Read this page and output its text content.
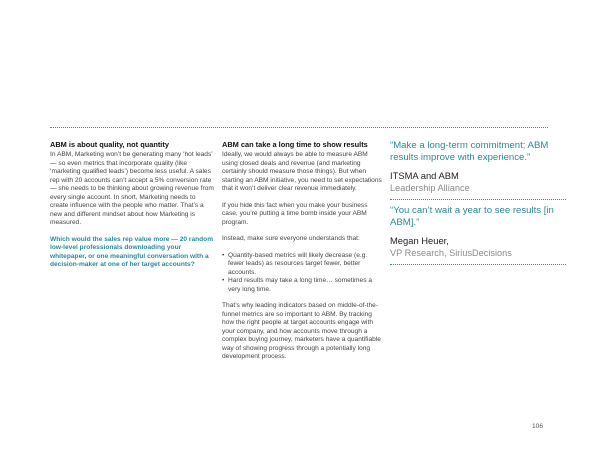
ABM is about quality, not quantity

In ABM, Marketing won’t be generating many ‘hot leads’ — so even metrics that incorporate quality (like ‘marketing qualified leads’) become less useful. A sales rep with 20 accounts can’t accept a 5% conversion rate — she needs to be thinking about growing revenue from every single account. In short, Marketing needs to create influence with the people who matter. That’s a new and different mindset about how Marketing is measured.

Which would the sales rep value more — 20 random low-level professionals downloading your whitepaper, or one meaningful conversation with a decision-maker at one of her target accounts?

ABM can take a long time to show results

Ideally, we would always be able to measure ABM using closed deals and revenue (and marketing certainly should measure those things). But when starting an ABM initiative, you need to set expectations that it won’t deliver clear revenue immediately.

If you hide this fact when you make your business case, you’re putting a time bomb inside your ABM program.

Instead, make sure everyone understands that:

• Quantity-based metrics will likely decrease (e.g. fewer leads) as resources target fewer, better accounts.
• Hard results may take a long time… sometimes a very long time.

That’s why leading indicators based on middle-of-the-funnel metrics are so important to ABM. By tracking how the right people at target accounts engage with your company, and how accounts move through a complex buying journey, marketers have a quantifiable way of showing progress through a potentially long development process.

“Make a long-term commitment; ABM results improve with experience.”

ITSMA and ABM

Leadership Alliance

“You can’t wait a year to see results [in ABM].”

Megan Heuer,

VP Research, SiriusDecisions

106
